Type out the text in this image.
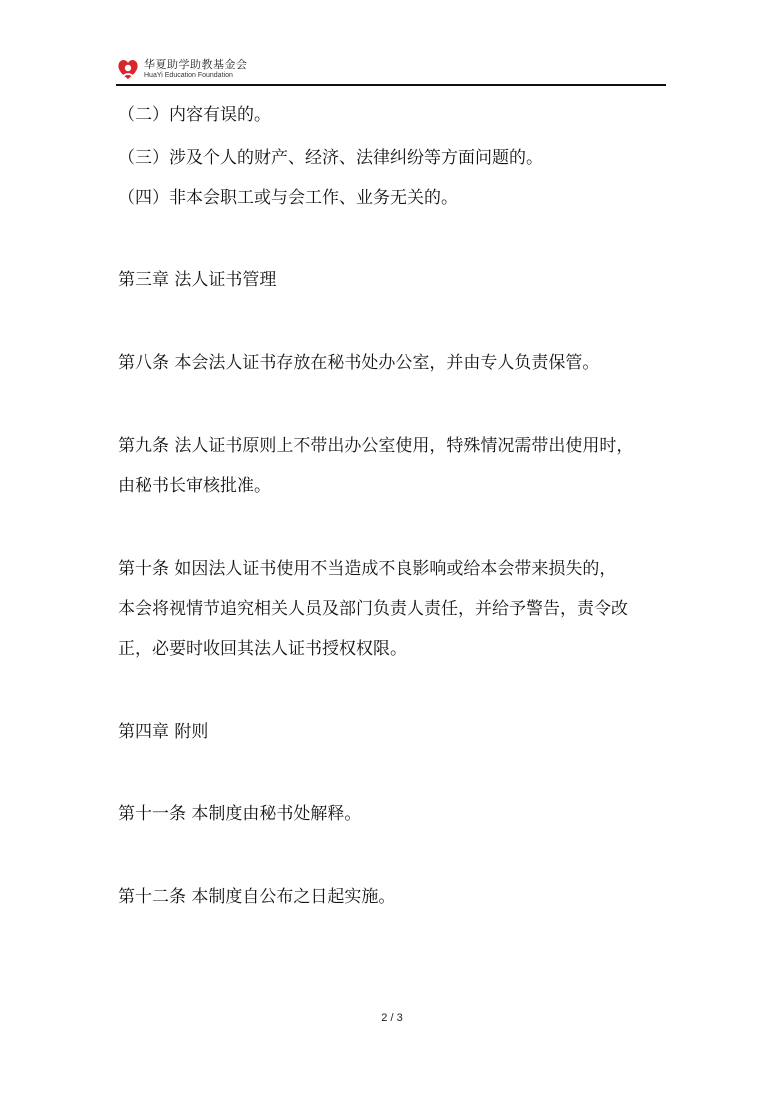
华夏助学助教基金会
HuaYi Education Foundation
（二）内容有误的。
（三）涉及个人的财产、经济、法律纠纷等方面问题的。
（四）非本会职工或与会工作、业务无关的。
第三章 法人证书管理
第八条 本会法人证书存放在秘书处办公室，并由专人负责保管。
第九条 法人证书原则上不带出办公室使用，特殊情况需带出使用时，
由秘书长审核批准。
第十条 如因法人证书使用不当造成不良影响或给本会带来损失的，
本会将视情节追究相关人员及部门负责人责任，并给予警告，责令改
正，必要时收回其法人证书授权权限。
第四章 附则
第十一条 本制度由秘书处解释。
第十二条 本制度自公布之日起实施。
2 / 3
